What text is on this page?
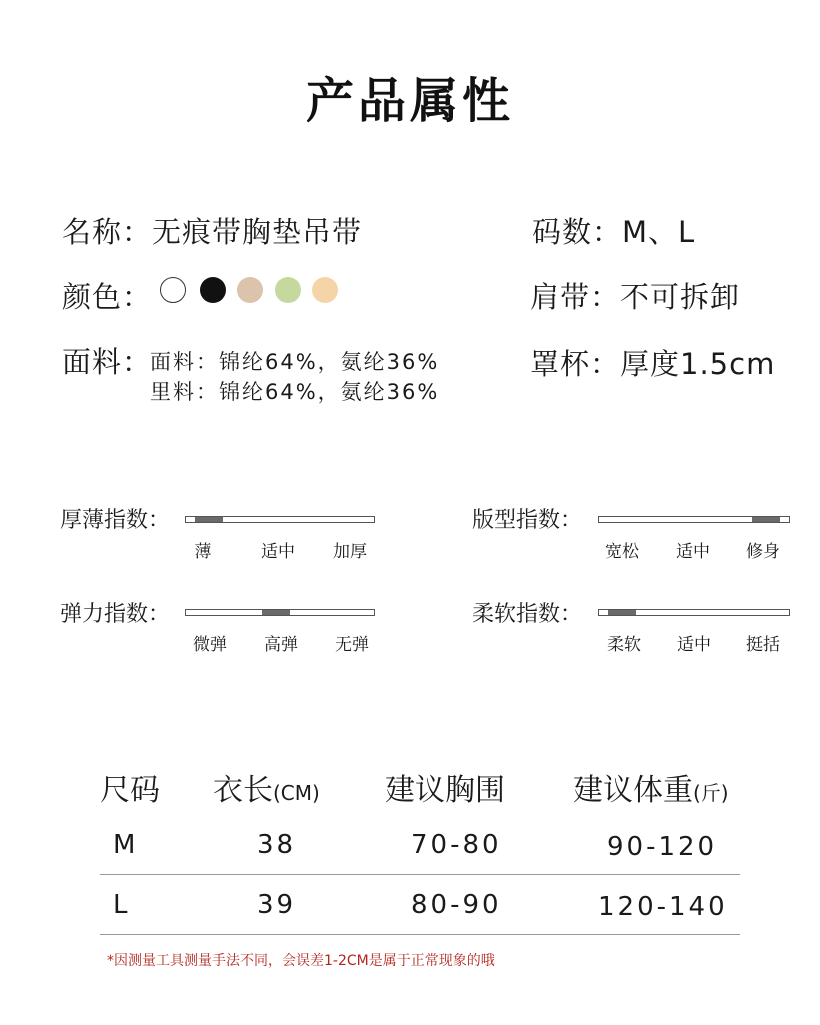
产品属性
名称：无痕带胸垫吊带	码数：M、L
颜色：	肩带：不可拆卸
面料：
面料：锦纶64%，氨纶36%
里料：锦纶64%，氨纶36%
罩杯：厚度1.5cm
厚薄指数：
薄	适中 加厚
版型指数：
宽松 适中 修身
弹力指数：
微弹 高弹 无弹
柔软指数：
柔软 适中 挺括
尺码 衣长(CM) 建议胸围 建议体重(斤)
M	38	70-80	90-120
L	39	80-90	120-140
*因测量工具测量手法不同，会误差1-2CM是属于正常现象的哦
